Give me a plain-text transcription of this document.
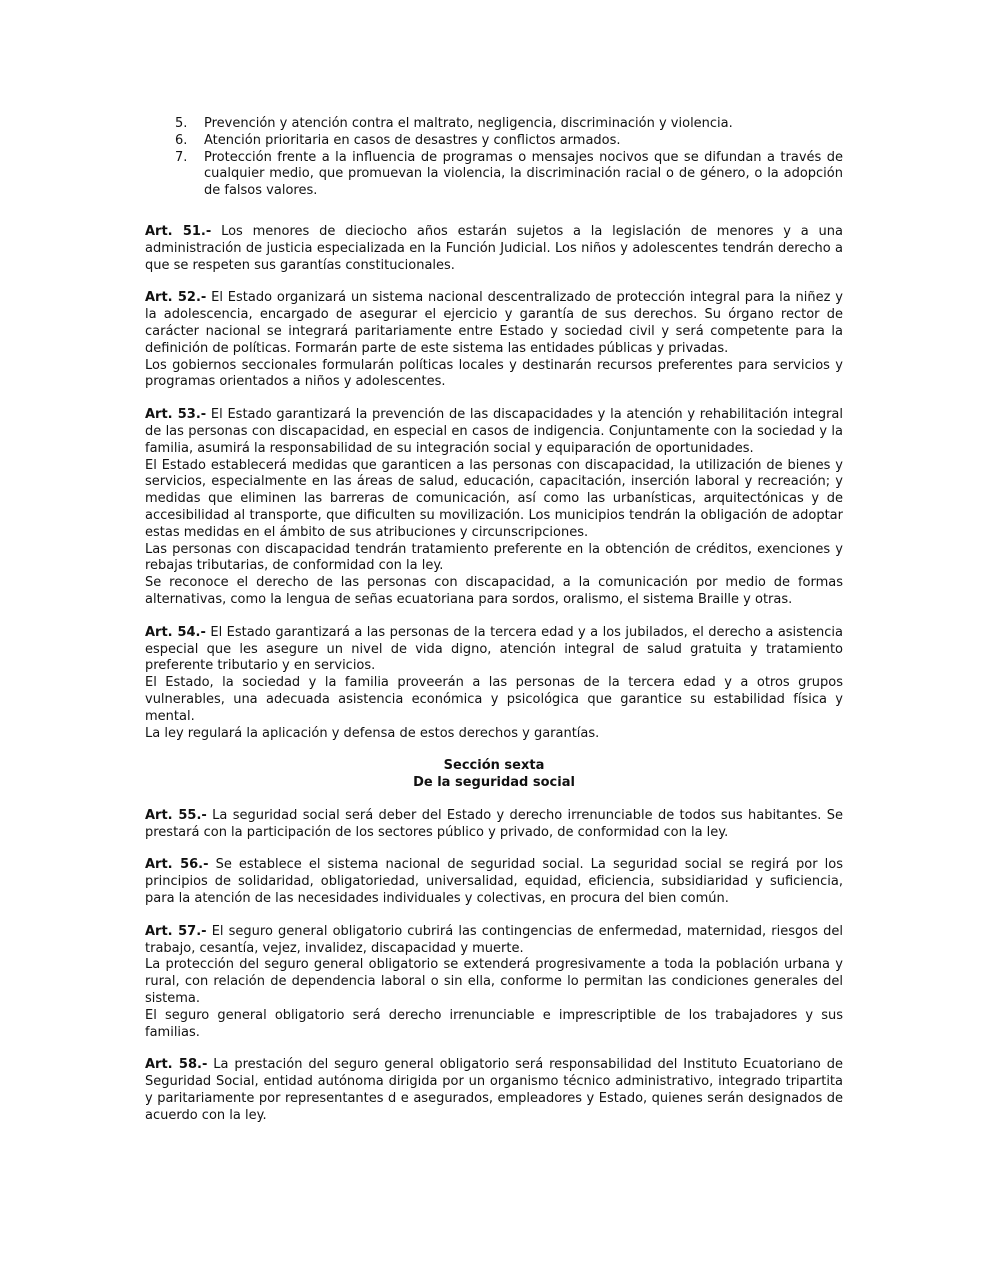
5.	Prevención y atención contra el maltrato, negligencia, discriminación y violencia.
6.	Atención prioritaria en casos de desastres y conflictos armados.
7.	Protección frente a la influencia de programas o mensajes nocivos que se difundan a través de cualquier medio, que promuevan la violencia, la discriminación racial o de género, o la adopción de falsos valores.

Art. 51.- Los menores de dieciocho años estarán sujetos a la legislación de menores y a una administración de justicia especializada en la Función Judicial. Los niños y adolescentes tendrán derecho a que se respeten sus garantías constitucionales.

Art. 52.- El Estado organizará un sistema nacional descentralizado de protección integral para la niñez y la adolescencia, encargado de asegurar el ejercicio y garantía de sus derechos. Su órgano rector de carácter nacional se integrará paritariamente entre Estado y sociedad civil y será competente para la definición de políticas. Formarán parte de este sistema las entidades públicas y privadas.

Los gobiernos seccionales formularán políticas locales y destinarán recursos preferentes para servicios y programas orientados a niños y adolescentes.

Art. 53.- El Estado garantizará la prevención de las discapacidades y la atención y rehabilitación integral de las personas con discapacidad, en especial en casos de indigencia. Conjuntamente con la sociedad y la familia, asumirá la responsabilidad de su integración social y equiparación de oportunidades.

El Estado establecerá medidas que garanticen a las personas con discapacidad, la utilización de bienes y servicios, especialmente en las áreas de salud, educación, capacitación, inserción laboral y recreación; y medidas que eliminen las barreras de comunicación, así como las urbanísticas, arquitectónicas y de accesibilidad al transporte, que dificulten su movilización. Los municipios tendrán la obligación de adoptar estas medidas en el ámbito de sus atribuciones y circunscripciones.

Las personas con discapacidad tendrán tratamiento preferente en la obtención de créditos, exenciones y rebajas tributarias, de conformidad con la ley.

Se reconoce el derecho de las personas con discapacidad, a la comunicación por medio de formas alternativas, como la lengua de señas ecuatoriana para sordos, oralismo, el sistema Braille y otras.

Art. 54.- El Estado garantizará a las personas de la tercera edad y a los jubilados, el derecho a asistencia especial que les asegure un nivel de vida digno, atención integral de salud gratuita y tratamiento preferente tributario y en servicios.

El Estado, la sociedad y la familia proveerán a las personas de la tercera edad y a otros grupos vulnerables, una adecuada asistencia económica y psicológica que garantice su estabilidad física y mental.

La ley regulará la aplicación y defensa de estos derechos y garantías.

Sección sexta
De la seguridad social

Art. 55.- La seguridad social será deber del Estado y derecho irrenunciable de todos sus habitantes. Se prestará con la participación de los sectores público y privado, de conformidad con la ley.

Art. 56.- Se establece el sistema nacional de seguridad social. La seguridad social se regirá por los principios de solidaridad, obligatoriedad, universalidad, equidad, eficiencia, subsidiaridad y suficiencia, para la atención de las necesidades individuales y colectivas, en procura del bien común.

Art. 57.- El seguro general obligatorio cubrirá las contingencias de enfermedad, maternidad, riesgos del trabajo, cesantía, vejez, invalidez, discapacidad y muerte.

La protección del seguro general obligatorio se extenderá progresivamente a toda la población urbana y rural, con relación de dependencia laboral o sin ella, conforme lo permitan las condiciones generales del sistema.

El seguro general obligatorio será derecho irrenunciable e imprescriptible de los trabajadores y sus familias.

Art. 58.- La prestación del seguro general obligatorio será responsabilidad del Instituto Ecuatoriano de Seguridad Social, entidad autónoma dirigida por un organismo técnico administrativo, integrado tripartita y paritariamente por representantes d e asegurados, empleadores y Estado, quienes serán designados de acuerdo con la ley.
